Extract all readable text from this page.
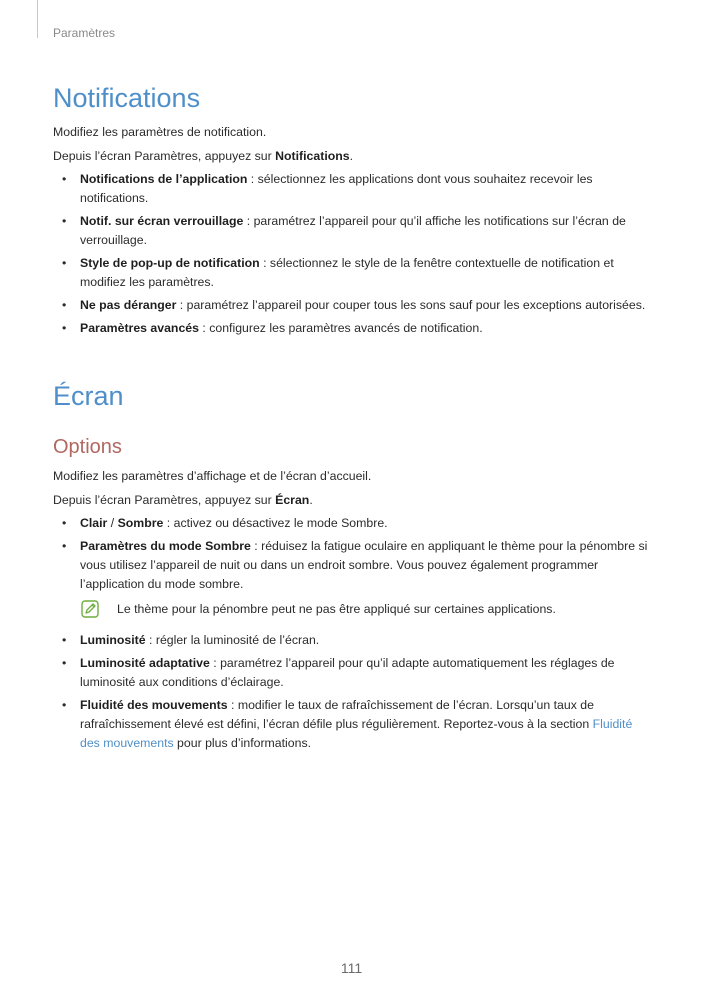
Paramètres
Notifications

Modifiez les paramètres de notification.

Depuis l’écran Paramètres, appuyez sur Notifications.

• Notifications de l’application : sélectionnez les applications dont vous souhaitez recevoir les notifications.
• Notif. sur écran verrouillage : paramétrez l’appareil pour qu’il affiche les notifications sur l’écran de verrouillage.
• Style de pop-up de notification : sélectionnez le style de la fenêtre contextuelle de notification et modifiez les paramètres.
• Ne pas déranger : paramétrez l’appareil pour couper tous les sons sauf pour les exceptions autorisées.
• Paramètres avancés : configurez les paramètres avancés de notification.
Écran
Options

Modifiez les paramètres d’affichage et de l’écran d’accueil.

Depuis l’écran Paramètres, appuyez sur Écran.

• Clair / Sombre : activez ou désactivez le mode Sombre.
• Paramètres du mode Sombre : réduisez la fatigue oculaire en appliquant le thème pour la pénombre si vous utilisez l’appareil de nuit ou dans un endroit sombre. Vous pouvez également programmer l’application du mode sombre.
Le thème pour la pénombre peut ne pas être appliqué sur certaines applications.
• Luminosité : régler la luminosité de l’écran.
• Luminosité adaptative : paramétrez l’appareil pour qu’il adapte automatiquement les réglages de luminosité aux conditions d’éclairage.
• Fluidité des mouvements : modifier le taux de rafraîchissement de l’écran. Lorsqu’un taux de rafraîchissement élevé est défini, l’écran défile plus régulièrement. Reportez-vous à la section Fluidité des mouvements pour plus d’informations.
111
